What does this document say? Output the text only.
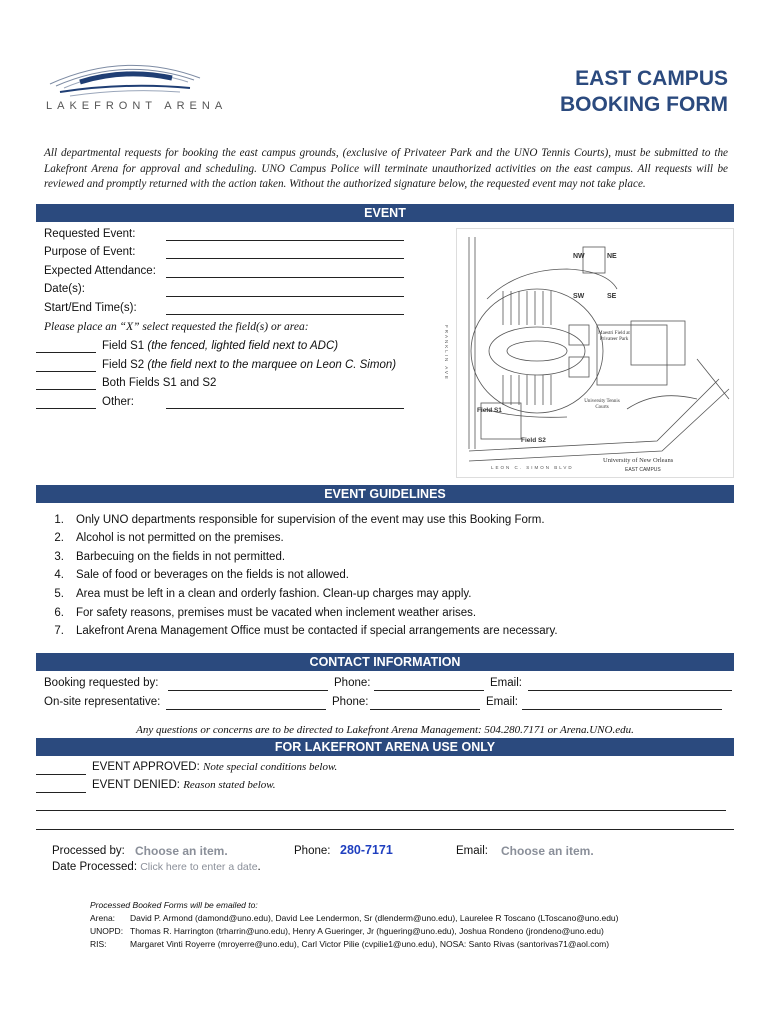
LAKEFRONT ARENA
EAST CAMPUS
BOOKING FORM
All departmental requests for booking the east campus grounds, (exclusive of Privateer Park and the UNO Tennis Courts), must be submitted to the Lakefront Arena for approval and scheduling. UNO Campus Police will terminate unauthorized activities on the east campus. All requests will be reviewed and promptly returned with the action taken. Without the authorized signature below, the requested event may not take place.
EVENT
Requested Event:
Purpose of Event:
Expected Attendance:
Date(s):
Start/End Time(s):
Please place an “X” select requested the field(s) or area:
Field S1 (the fenced, lighted field next to ADC)
Field S2 (the field next to the marquee on Leon C. Simon)
Both Fields S1 and S2
Other:
NW	NE
SW	SE
Field S1
Field S2
Maestri Field at Privateer Park
University Tennis Courts
University of New Orleans
EAST CAMPUS
FRANKLIN AVE
LEON C. SIMON BLVD
EVENT GUIDELINES
1. Only UNO departments responsible for supervision of the event may use this Booking Form.
2. Alcohol is not permitted on the premises.
3. Barbecuing on the fields in not permitted.
4. Sale of food or beverages on the fields is not allowed.
5. Area must be left in a clean and orderly fashion. Clean-up charges may apply.
6. For safety reasons, premises must be vacated when inclement weather arises.
7. Lakefront Arena Management Office must be contacted if special arrangements are necessary.
CONTACT INFORMATION
Booking requested by:	Phone:	Email:
On-site representative:	Phone:	Email:
Any questions or concerns are to be directed to Lakefront Arena Management: 504.280.7171 or Arena.UNO.edu.
FOR LAKEFRONT ARENA USE ONLY
EVENT APPROVED: Note special conditions below.
EVENT DENIED: Reason stated below.
Processed by: Choose an item.	Phone: 280-7171	Email: Choose an item.
Date Processed: Click here to enter a date.
Processed Booked Forms will be emailed to:
Arena: David P. Armond (damond@uno.edu), David Lee Lendermon, Sr (dlenderm@uno.edu), Laurelee R Toscano (LToscano@uno.edu)
UNOPD: Thomas R. Harrington (trharrin@uno.edu), Henry A Gueringer, Jr (hguering@uno.edu), Joshua Rondeno (jrondeno@uno.edu)
RIS:	Margaret Vinti Royerre (mroyerre@uno.edu), Carl Victor Pilie (cvpilie1@uno.edu), NOSA: Santo Rivas (santorivas71@aol.com)
